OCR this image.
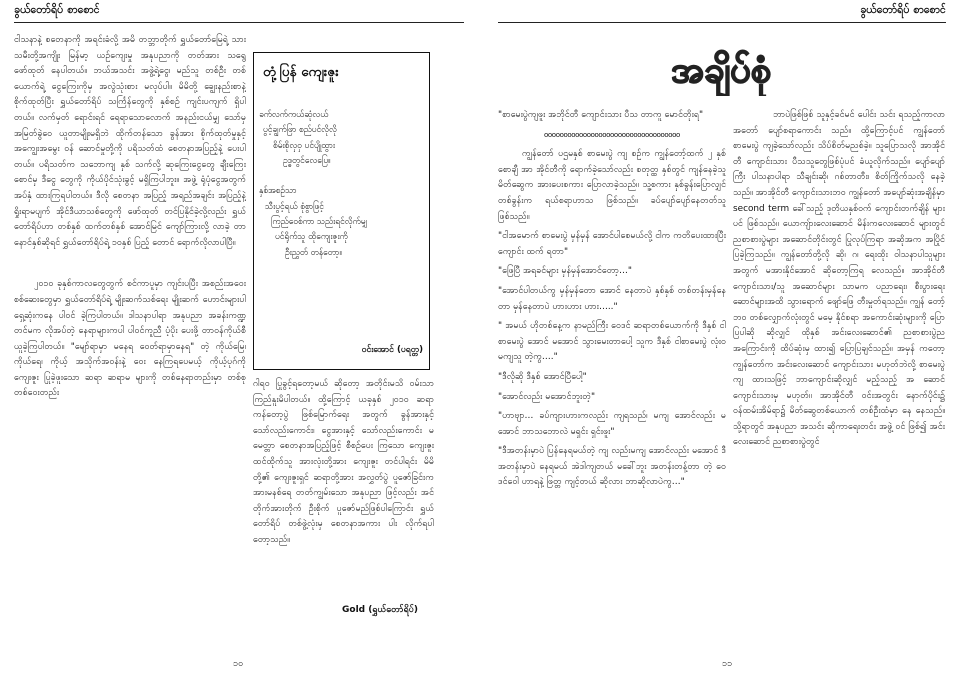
ခွယ်တော်ရိပ် စာစောင်

ငါသနာနဲ့ စတေနာကို အရင်းခံလို့ အမိ တဘ္ဘာတိုက် ရွှယ်တော်မြေရဲ့ သား သမီးတို့အကျိုး မြန်မာ့ ယဉ်ကျေးမှု အနုပညာကို တတ်အား သရွေ့ ဖော်ထုတ် နေပါတယ်။ ဘယ်အသင်း အဖွဲ့ရဲ့ငွေ၊ မည်သူ တစ်ဦး တစ်ယောက်ရဲ့ ငွေကြေးကိုမှ အလွဲသုံးစား မလုပ်ပါ။ မိမိတို့ ချွေးနည်းစာနဲ့ စိုက်ထုတ်ပြီး ရွှယ်တော်ရိပ် သင်္ကြန်တွေကို နှစ်စဉ် ကျင်းပကျက် ရှိပါတယ်။ လက်မှတ် ရောင်းရင် ရေရာသောလောက် အနည်းငယ်မျှ သော်မှ အမြတ်ခွဲဝေ ယူတာမျိုးမရှိဘဲ ထိုက်တန်သော ခွန်အား စိုက်ထုတ်မှုနှင့် အကျွေးအမွေး ဝန် ဆောင်မှုတို့ကို ပရိသတ်ထံ စေတနာအပြည့်နဲ့ ပေးပါတယ်။ ပရိသတ်က သဘောကျ နှစ် သက်လို့ ဆုကြေးငွေတွေ ချီးကြေးစောင်မှ ဒီငွေ တွေကို ကိုယ်ပိုင်သုံးခွင့် မရှိကြပါဘူး။ အဖွဲ့ ရုံပုံငွေအတွက် အပ်နှံ ထားကြရပါတယ်။ ဒီလို စေတနာ အပြည့် အရည်အချင်း အပြည့်နဲ့ ရှိုးရာမပျက် အိုင်ဒီယာသစ်တွေကို ဖော်ထုတ် တင်ပြနိုင်ခဲ့လို့လည်း ရွှယ်တော်ရိပ်ဟာ တစ်နှစ် ထက်တစ်နှစ် အောင်မြင် ကျော်ကြားလို့ လာခဲ့ တာ နောင်နှစ်ဆိုရင် ရွှယ်တော်ရိပ်ရဲ့ ၁၀နှစ် ပြည့် တောင် ရောက်လိုလာပါပြီ။

၂၀၁၀ ခုနှစ်ကာလတွေတွက် စင်ကာပူမှာ ကျင်းပပြီး အစည်းအဝေး စစ်ဆေးတွေမှာ ရွှယ်တော်ရိပ်ရဲ့ မျိုးဆက်သစ်ရေး မျိုးဆက် ဟောင်းများပါ ရှေ့ဆုံးကနေ ပါဝင် ခဲ့ကြပါတယ်။ ဒါသနာပါရာ အနုပညာ အခန်းကဏ္ဍ တင်မက လိုအပ်တဲ့ နေရာများကပါ ပါဝင်ကူညီ ပံ့ပိုး ပေးဖို့ တာဝန်ကိုယ်စီ ယူခဲ့ကြပါတယ်။ "မျော်ရာမှာ မနေရ ဝေတ်ရာမှာနေရ" တဲ့ ကိုယ်မြေ၊ ကိုယ်ရေ၊ ကိုယ့် အသိုက်အဝန်းနဲ့ ဝေး နေကြရပေမယ့် ကိုယ့်ပုဂ်ကို ကျေးဇူး ပြုခဲ့ဖူးသော ဆရာ ဆရာမ များကို တစ်နေရာတည်းမှာ တစ်စု တစ်ဝေးတည်း

တုံ့ပြန် ကျေးဇူး
ခက်လက်ကယ်ဆုံလယ်
ပွင့်ချွက်ဖြာ စည်ပင်လိုလို
စိမ်းစိုလှဝှ ပင်ပျိုထွား
ဥဒ္ဓတွင်လေပြေ။

နှစ်အစဉ်သာ
သီးပွင့်ရယ် စုံစွာဖြင့်
ကြည်ဝေစ်ကာ သည်းရင်လိုက်မျှ
ပင်ရိုက်သူ ထိုကျေးဇူးကို
ဦးညွှတ် တန်တော့။
ဝင်းအောင် (ပရတ္တ)

ဂါရဝ ပြုခွင့်ရတော့မယ် ဆိုတော့ အတိုင်းမသိ ဝမ်းသာ ကြည်နူးမိပါတယ်။ ထို့ကြောင့် ယခုနှစ် ၂၀၁၀ ဆရာကန်တော့ပွဲ ဖြစ်မြောက်ရေး အတွက် ခွန်အားနှင့် သော်လည်းကောင်း၊ ငွေအားနှင့် သော်လည်းကောင်း မမေတ္တာ စေတနာအပြည့်ဖြင့် စီစဉ်ပေး ကြသော ကျေးဇူးထင်ထိုက်သူ အားလုံးတို့အား ကျေးဇူး တင်ပါရင်း မိမိတို့၏ ကျေးဇူးရှင် ဆရာတို့အား အလွှတ်ပွဲ ပူဇော်ခြင်းက အားမနစ်ရေ တတ်ကျွမ်းသော အနုပညာ ဖြင့်လည်း အင် တိုက်အားတိုက် ဦးစိုက် ပူဇော်မည်ဖြစ်ပါကြောင်း ရွှယ်တော်ရိပ် တစ်ဖွဲ့လုံးမှ စေတနာအကား ပါး လိုက်ရပါတော့သည်။

Gold (ရွှယ်တော်ရိပ်)
၁၀
ခွယ်တော်ရိပ် စာစောင်
အချိပ်စုံ

"စာမေးပွဲကျဖူး အဘိုင်တီ ကျောင်းသား ပီသ တာကူ မောင်တိုးရ"

ooooooooooooooooooooooooooooooooooo

ကျွန်တော် ပဌမနှစ် စာမေးပွဲ ကျ စဉ်က ကျွန်တော့်ထက် ၂ နှစ်စောချီ အာ အိုင်တီကို ရောက်ခဲ့သော်လည်း စတုတ္ထ နှစ်တွင် ကျန်နေခဲ့သူ မိတ်ဆွေက အားပေးစကား ပြောလာခဲ့သည်။ သူ့စကား နှစ်ခွန်းပြောလျှင် တစ်ခွန်းက ရယ်စရာဟာသ ဖြစ်သည်။ ခပ်ပျော်ပျော်နေတတ်သူဖြစ်သည်။

"ငါအမောက် စာမေးပွဲ မှန်မှန် အောင်ပါစေမယ်လို့ ငါက ကတိပေးထားပြီး ကျောင်း ထက် ရတာ"

"ဖြေပြီ အရခင်များ မှန်မှန်အောင်တော့…"

"အောင်ပါတယ်ကွ မှန်မှန်တော အောင် နေတာပဲ နှစ်နှစ် တစ်တန်းမှန်နေတာ မှန်နေတာပဲ ဟားဟား ဟား….."

" အမယ် ဟိုတစ်နေ့က နာမည်ကြီး ဝေဒင် ဆရာတစ်ယောက်ကို ဒီနှစ် ငါစာမေးပွဲ အောင် မအောင် သွားမေးတာပေါ့ သူက ဒီနှစ် ငါစာမေးပွဲ လုံးဝ မကျသူ တဲ့ကွ…."

"ဒီလိုဆို ဒီနှစ် အောင်ပြီပေါ့"

"အောင်လည်း မအောင်ဘူးတဲ့"

"ဟာဗျာ… ခပ်ကျားဟားကလည်း ကျရသည်၊ မကျ အောင်လည်း မအောင် ဘာသဘောလဲ မရှင်း ရှင်းဖူး"

"ဒီအတန်းမှာပဲ ပြန်နေရမယ်တဲ့ ကျ လည်းမကျ အောင်လည်း မအောင် ဒီအတန်းမှာပဲ နေရမယ် အဲဒါကျတယ် မခေါ်ဘူး အတန်းတန့်တာ တဲ့ ဝေဒင်ဝေါ ဟာရနဲ့ ဖြတ္တ ကျင့်တယ် ဆိုလား ဘာဆိုလာပဲကွ…"

ဘာပဲဖြစ်ဖြစ် သူနှင့်ခင်မင် ပေါင်း သင်း ရသည့်ကာလာ အတော် ပျော်စရာကောင်း သည်။ ထို့ကြောင့်ပင် ကျွန်တော် စာမေးပွဲ ကျခဲ့သော်လည်း သိပ်စိတ်မညစ်ခဲ့။ သူပြောသလို အာအိုင်တီ ကျောင်းသား ပီသသူတွေဖြစ်ပုံပင် ခံယူလိုက်သည်။ ပျော်ပျော်ကြီး ပါသနာပါရာ သီချင်းဆို၊ ဂစ်တာတီး၊ စိတ်ကြိုက်သလို နေခဲ့သည်။ အာအိုင်တီ ကျောင်းသားဘဝ ကျွန်တော် အပျော်ဆုံးအချိန်မှာ second term ခေါ်သည့် ဒုတိယနှစ်ဝက် ကျောင်းတက်ချိန် များပင် ဖြစ်သည်။ ယောကျ်ားလေးဆောင် မိန်းကလေးဆောင် များတွင် ညစာစားပွဲများ အဆောင်တိုင်းတွင် ပြုလုပ်ကြရာ အဆိုအက အပြိုင် ပြခဲ့ကြသည်။ ကျွန်တော်တို့လို ဆို၊ ဂ၊ ရေးထိုး ဝါသနာပါသူများ အတွက် မအားနိုင်အောင် ဆိုတော့ကြရ လေသည်။ အာအိုင်တီ ကျောင်းသား/သူ အဆောင်များ သာမက ပညာရေး၊ စီးပွားရေး ဆောင်များအထိ သွားရောက် ဖျော်ဖြေ တီးမှုတ်ရသည်။ ကျွန် တော့်ဘဝ တစ်လျှောက်လုံးတွင် မမေ့ နိုင်စရာ အကောင်းဆုံးများကို ပြောပြပါဆို ဆိုလျှင် ထိုနှစ် အင်းလေးဆောင်၏ ညစာစားပွဲည အကြောင်းကို ထိပ်ဆုံးမှ ထား၍ ပြောပြချင်သည်။ အမှန် ကတော့ ကျွန်တော်က အင်းလေးဆောင် ကျောင်းသား မဟုတ်ဘဲလို့ စာမေးပွဲ ကျ ထားသဖြင့် ဘာကျောင်းဆိုလျှင် မည့်သည့် အ ဆောင် ကျောင်းသားမှ မဟုတ်။ အာအိုင်တီ ဝင်းအတွင်း နောက်ပိုင်း၌ ဝန်ထမ်းအိမ်ရာ၌ မိတ်ဆွေတစ်ယောက် တစ်ဦးထံမှာ နေ နေသည်။ သို့ရာတွင် အနုပညာ အသင်း ဆိုကာရေးတင်း အဖွဲ့ ဝင် ဖြစ်၍ အင်းလေးဆောင် ညစာစားပွဲတွင်

၁၁
